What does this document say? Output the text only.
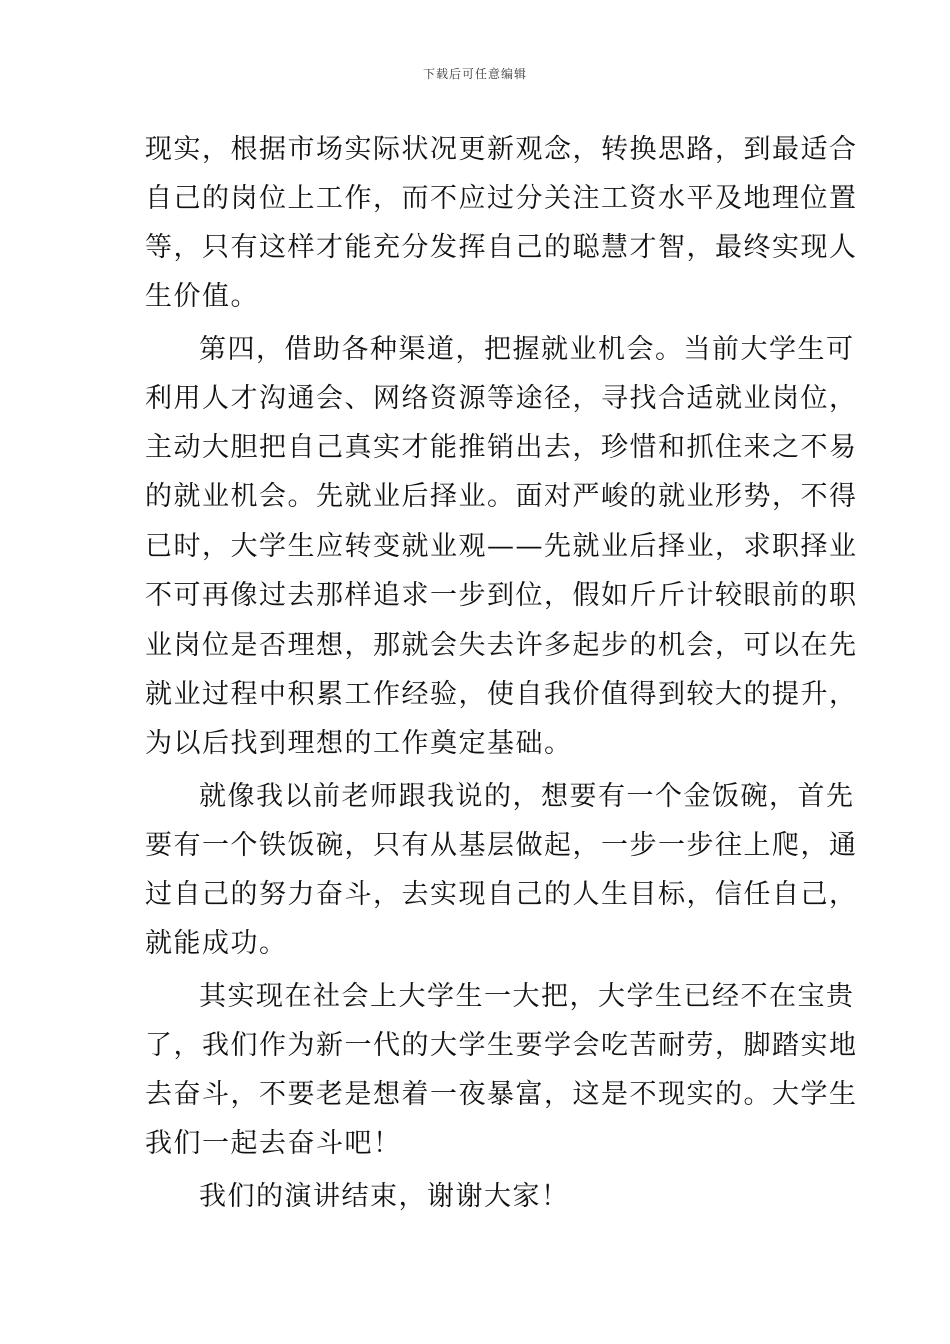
下载后可任意编辑
现实，根据市场实际状况更新观念，转换思路，到最适合
自己的岗位上工作，而不应过分关注工资水平及地理位置
等，只有这样才能充分发挥自己的聪慧才智，最终实现人
生价值。
第四，借助各种渠道，把握就业机会。当前大学生可
利用人才沟通会、网络资源等途径，寻找合适就业岗位，
主动大胆把自己真实才能推销出去，珍惜和抓住来之不易
的就业机会。先就业后择业。面对严峻的就业形势，不得
已时，大学生应转变就业观——先就业后择业，求职择业
不可再像过去那样追求一步到位，假如斤斤计较眼前的职
业岗位是否理想，那就会失去许多起步的机会，可以在先
就业过程中积累工作经验，使自我价值得到较大的提升，
为以后找到理想的工作奠定基础。
就像我以前老师跟我说的，想要有一个金饭碗，首先
要有一个铁饭碗，只有从基层做起，一步一步往上爬，通
过自己的努力奋斗，去实现自己的人生目标，信任自己，
就能成功。
其实现在社会上大学生一大把，大学生已经不在宝贵
了，我们作为新一代的大学生要学会吃苦耐劳，脚踏实地
去奋斗，不要老是想着一夜暴富，这是不现实的。大学生
我们一起去奋斗吧！
我们的演讲结束，谢谢大家！
